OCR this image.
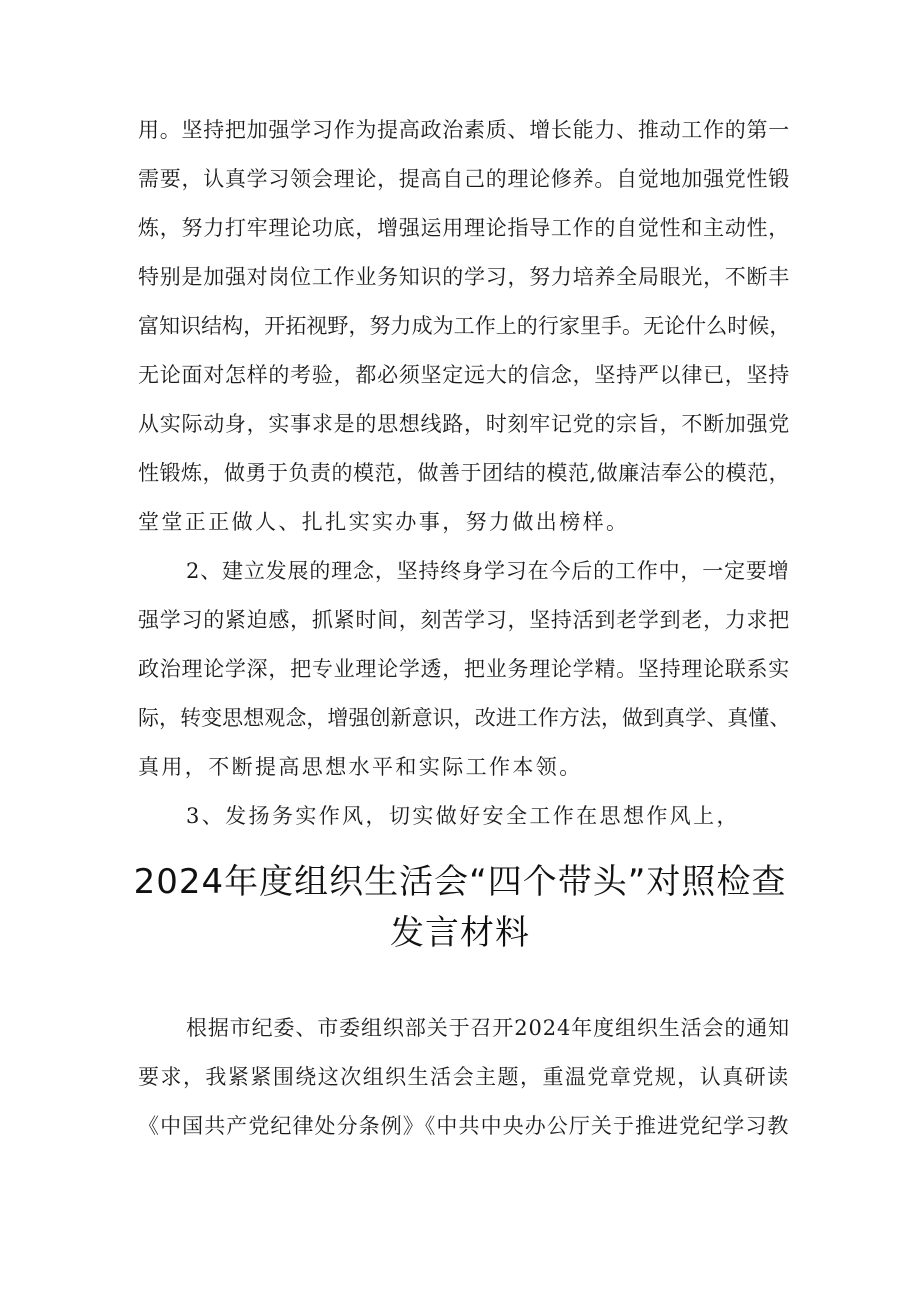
用。坚持把加强学习作为提高政治素质、增长能力、推动工作的第一
需要，认真学习领会理论，提高自己的理论修养。自觉地加强党性锻
炼，努力打牢理论功底，增强运用理论指导工作的自觉性和主动性，
特别是加强对岗位工作业务知识的学习，努力培养全局眼光，不断丰
富知识结构，开拓视野，努力成为工作上的行家里手。无论什么时候，
无论面对怎样的考验，都必须坚定远大的信念，坚持严以律已，坚持
从实际动身，实事求是的思想线路，时刻牢记党的宗旨，不断加强党
性锻炼，做勇于负责的模范，做善于团结的模范,做廉洁奉公的模范，
堂堂正正做人、扎扎实实办事，努力做出榜样。
2、建立发展的理念，坚持终身学习在今后的工作中，一定要增
强学习的紧迫感，抓紧时间，刻苦学习，坚持活到老学到老，力求把
政治理论学深，把专业理论学透，把业务理论学精。坚持理论联系实
际，转变思想观念，增强创新意识，改进工作方法，做到真学、真懂、
真用，不断提高思想水平和实际工作本领。
3、发扬务实作风，切实做好安全工作在思想作风上，
2024年度组织生活会“四个带头”对照检查
发言材料
根据市纪委、市委组织部关于召开2024年度组织生活会的通知
要求，我紧紧围绕这次组织生活会主题，重温党章党规，认真研读
《中国共产党纪律处分条例》《中共中央办公厅关于推进党纪学习教
